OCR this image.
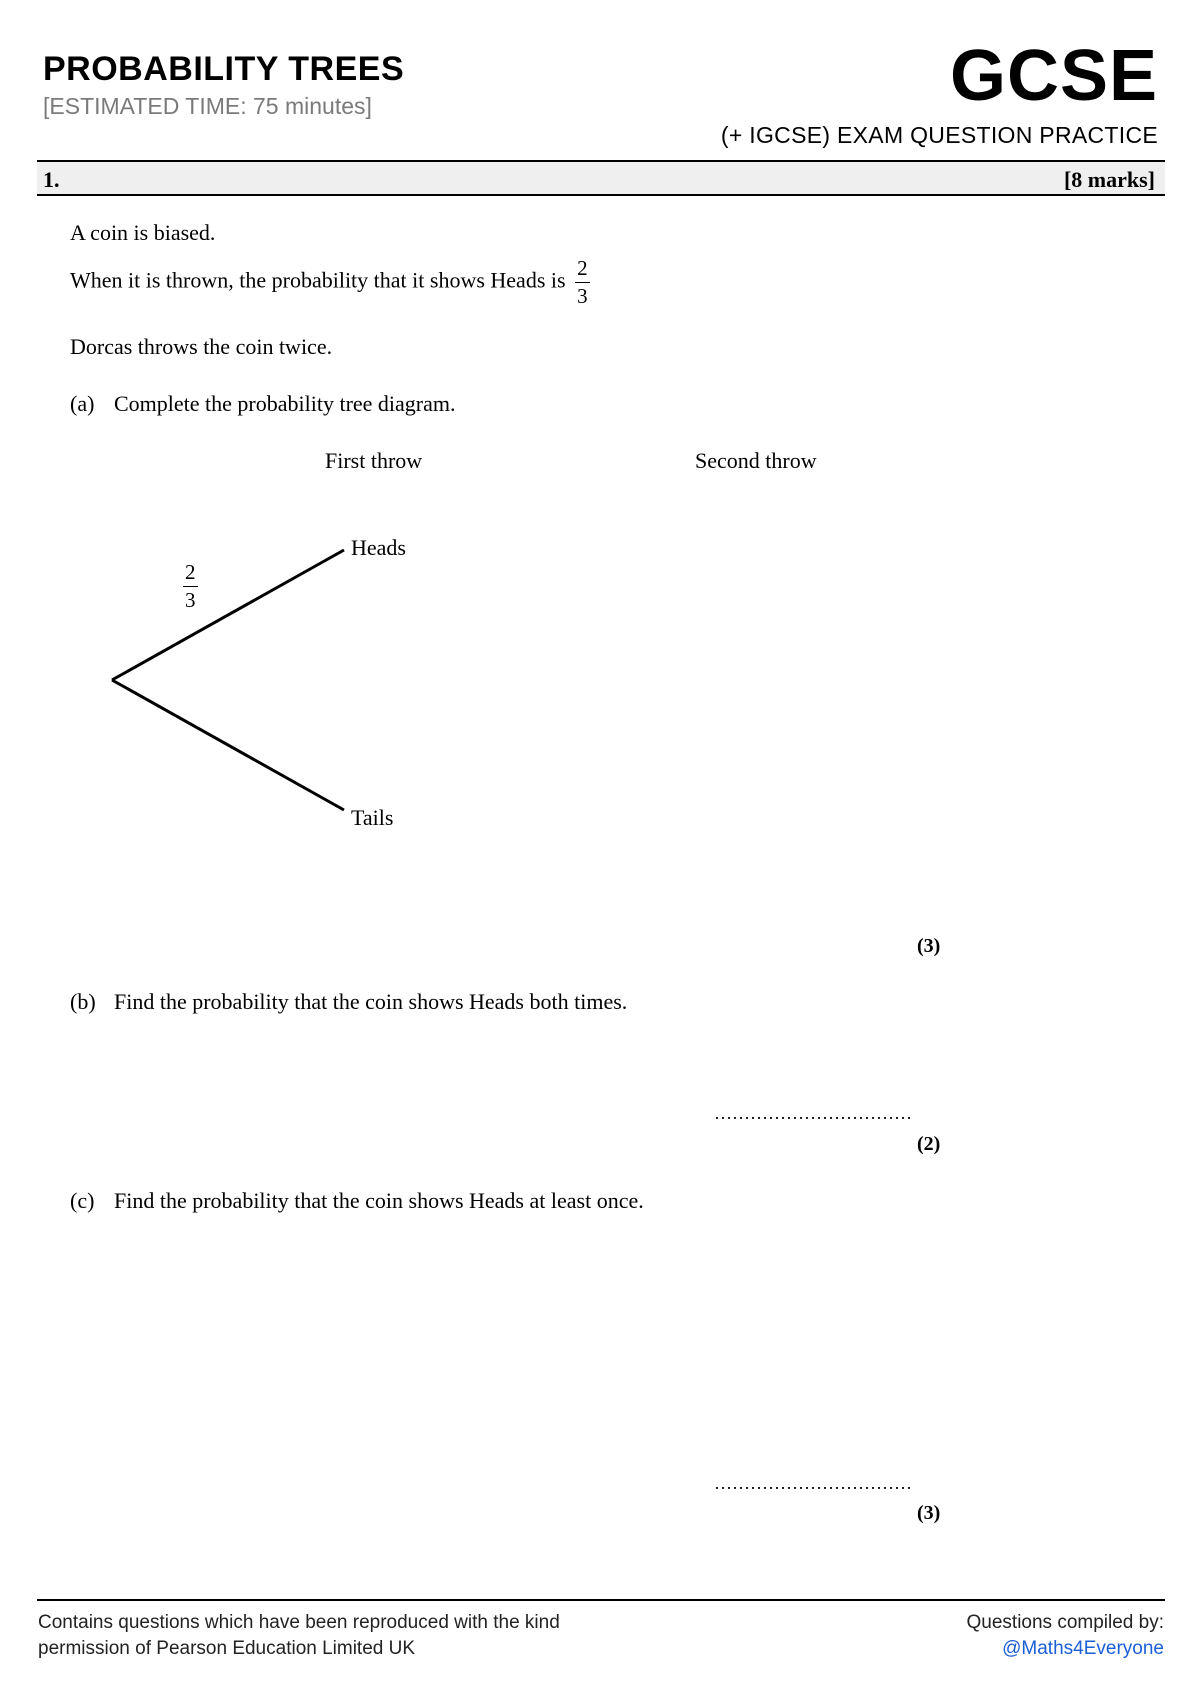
PROBABILITY TREES
[ESTIMATED TIME: 75 minutes]	GCSE
(+ IGCSE) EXAM QUESTION PRACTICE
1.	[8 marks]
A coin is biased.
When it is thrown, the probability that it shows Heads is $\frac{2}{3}$
Dorcas throws the coin twice.
(a) Complete the probability tree diagram.
First throw	Second throw
Heads
Tails
$\frac{2}{3}$
(3)
(b) Find the probability that the coin shows Heads both times.
……………………………
(2)
(c) Find the probability that the coin shows Heads at least once.
……………………………
(3)
Contains questions which have been reproduced with the kind
permission of Pearson Education Limited UK
Questions compiled by:
@Maths4Everyone
